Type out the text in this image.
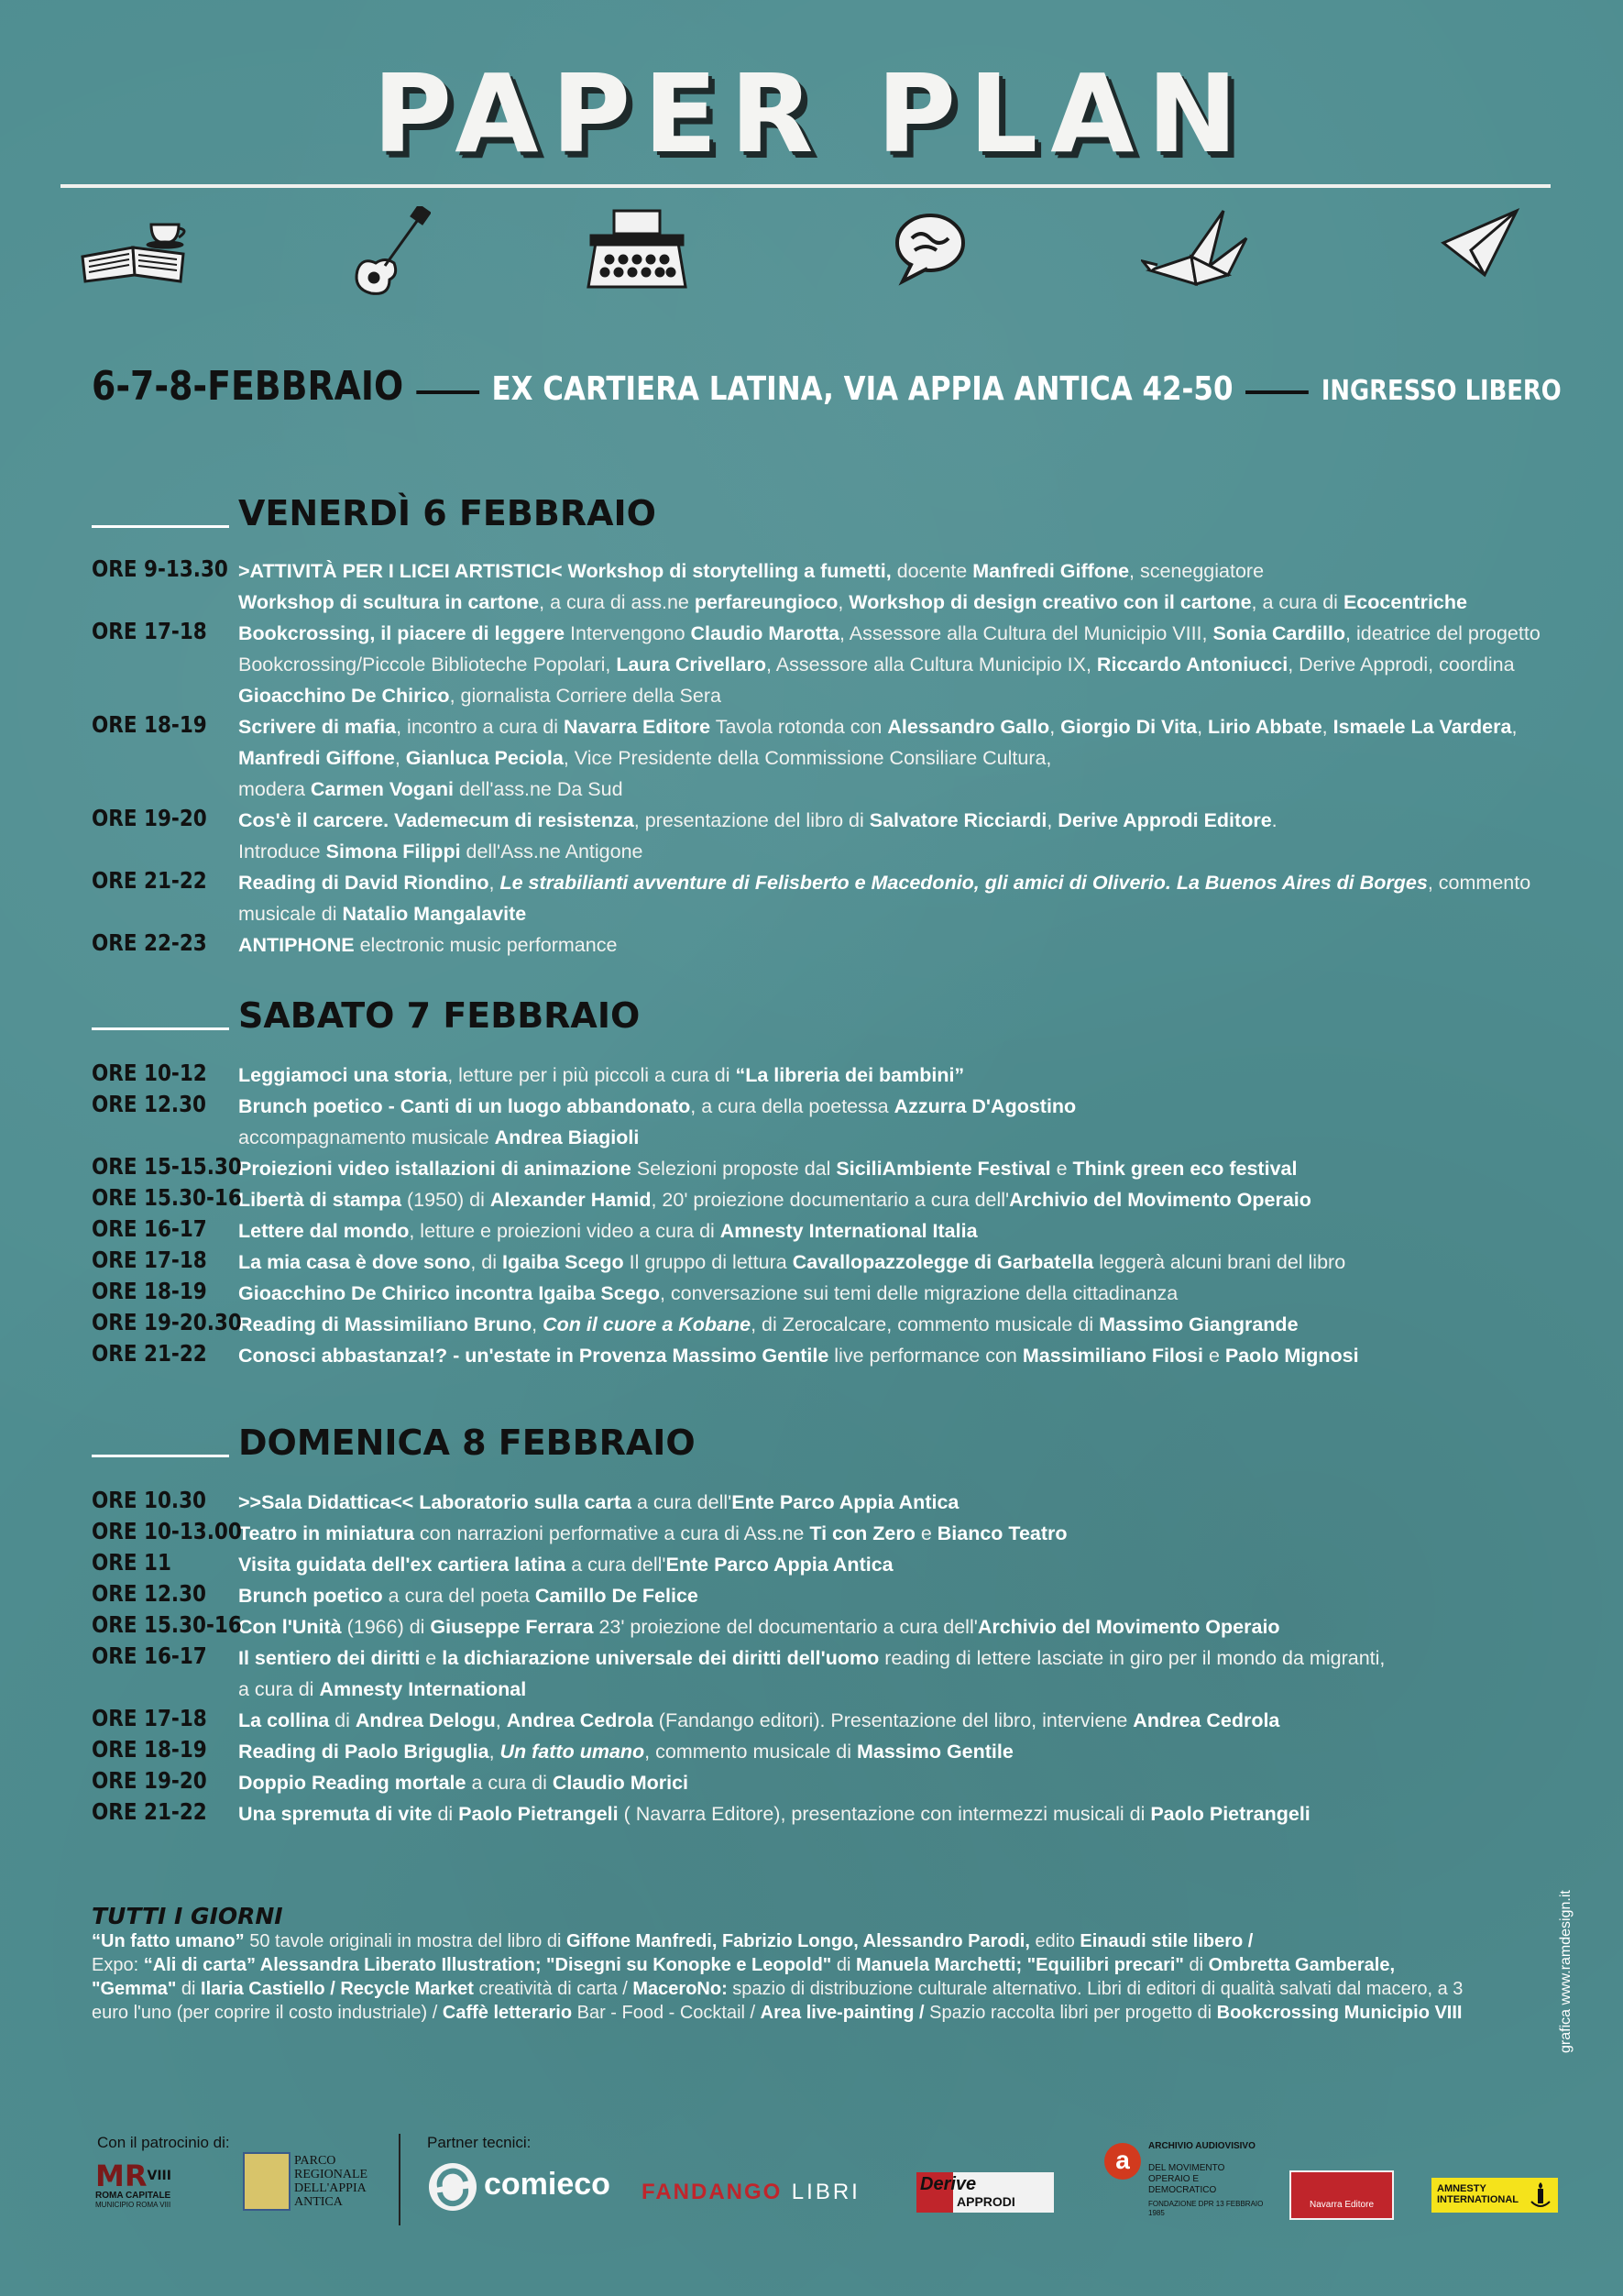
PAPER PLAN
6-7-8-FEBBRAIO	EX CARTIERA LATINA, VIA APPIA ANTICA 42-50	INGRESSO LIBERO
VENERDÌ 6 FEBBRAIO
ORE 9-13.30 >ATTIVITÀ PER I LICEI ARTISTICI< Workshop di storytelling a fumetti, docente Manfredi Giffone, sceneggiatore
Workshop di scultura in cartone, a cura di ass.ne perfareungioco, Workshop di design creativo con il cartone, a cura di Ecocentriche
ORE 17-18 Bookcrossing, il piacere di leggere Intervengono Claudio Marotta, Assessore alla Cultura del Municipio VIII, Sonia Cardillo, ideatrice del progetto Bookcrossing/Piccole Biblioteche Popolari, Laura Crivellaro, Assessore alla Cultura Municipio IX, Riccardo Antoniucci, Derive Approdi, coordina Gioacchino De Chirico, giornalista Corriere della Sera
ORE 18-19 Scrivere di mafia, incontro a cura di Navarra Editore Tavola rotonda con Alessandro Gallo, Giorgio Di Vita, Lirio Abbate, Ismaele La Vardera, Manfredi Giffone, Gianluca Peciola, Vice Presidente della Commissione Consiliare Cultura,
modera Carmen Vogani dell'ass.ne Da Sud
ORE 19-20 Cos'è il carcere. Vademecum di resistenza, presentazione del libro di Salvatore Ricciardi, Derive Approdi Editore.
Introduce Simona Filippi dell'Ass.ne Antigone
ORE 21-22 Reading di David Riondino, Le strabilianti avventure di Felisberto e Macedonio, gli amici di Oliverio. La Buenos Aires di Borges, commento musicale di Natalio Mangalavite
ORE 22-23 ANTIPHONE electronic music performance
SABATO 7 FEBBRAIO
ORE 10-12 Leggiamoci una storia, letture per i più piccoli a cura di “La libreria dei bambini”
ORE 12.30 Brunch poetico - Canti di un luogo abbandonato, a cura della poetessa Azzurra D'Agostino
accompagnamento musicale Andrea Biagioli
ORE 15-15.30
Proiezioni video istallazioni di animazione Selezioni proposte dal SiciliAmbiente Festival e Think green eco festival
ORE 15.30-16
Libertà di stampa (1950) di Alexander Hamid, 20' proiezione documentario a cura dell'Archivio del Movimento Operaio
ORE 16-17 Lettere dal mondo, letture e proiezioni video a cura di Amnesty International Italia
ORE 17-18 La mia casa è dove sono, di Igaiba Scego Il gruppo di lettura Cavallopazzolegge di Garbatella leggerà alcuni brani del libro
ORE 18-19 Gioacchino De Chirico incontra Igaiba Scego, conversazione sui temi delle migrazione della cittadinanza
ORE 19-20.30
Reading di Massimiliano Bruno, Con il cuore a Kobane, di Zerocalcare, commento musicale di Massimo Giangrande
ORE 21-22 Conosci abbastanza!? - un'estate in Provenza Massimo Gentile live performance con Massimiliano Filosi e Paolo Mignosi
DOMENICA 8 FEBBRAIO
ORE 10.30 >>Sala Didattica<< Laboratorio sulla carta a cura dell'Ente Parco Appia Antica
ORE 10-13.00
Teatro in miniatura con narrazioni performative a cura di Ass.ne Ti con Zero e Bianco Teatro
ORE 11	Visita guidata dell'ex cartiera latina a cura dell'Ente Parco Appia Antica
ORE 12.30 Brunch poetico a cura del poeta Camillo De Felice
ORE 15.30-16
Con l'Unità (1966) di Giuseppe Ferrara 23' proiezione del documentario a cura dell'Archivio del Movimento Operaio
ORE 16-17 Il sentiero dei diritti e la dichiarazione universale dei diritti dell'uomo reading di lettere lasciate in giro per il mondo da migranti,
a cura di Amnesty International
ORE 17-18 La collina di Andrea Delogu, Andrea Cedrola (Fandango editori). Presentazione del libro, interviene Andrea Cedrola
ORE 18-19 Reading di Paolo Briguglia, Un fatto umano, commento musicale di Massimo Gentile
ORE 19-20 Doppio Reading mortale a cura di Claudio Morici
ORE 21-22 Una spremuta di vite di Paolo Pietrangeli ( Navarra Editore), presentazione con intermezzi musicali di Paolo Pietrangeli
TUTTI I GIORNI
“Un fatto umano” 50 tavole originali in mostra del libro di Giffone Manfredi, Fabrizio Longo, Alessandro Parodi, edito Einaudi stile libero /
Expo: “Ali di carta” Alessandra Liberato Illustration; "Disegni su Konopke e Leopold" di Manuela Marchetti; "Equilibri precari" di Ombretta Gamberale, "Gemma" di Ilaria Castiello / Recycle Market creatività di carta / MaceroNo: spazio di distribuzione culturale alternativo. Libri di editori di qualità salvati dal macero, a 3 euro l'uno (per coprire il costo industriale) / Caffè letterario Bar - Food - Cocktail / Area live-painting / Spazio raccolta libri per progetto di Bookcrossing Municipio VIII	grafica www.ramdesign.it
Con il patrocinio di:	Partner tecnici:
$MR^{VIII}$
ROMA CAPITALE
MUNICIPIO ROMA VIII
PARCO REGIONALE DELL'APPIA ANTICA
comieco FANDANGO LIBRI	Derive
APPRODI
a	ARCHIVIO AUDIOVISIVO
DEL MOVIMENTO OPERAIO E DEMOCRATICO
FONDAZIONE DPR 13 FEBBRAIO 1985
Navarra Editore
AMNESTY INTERNATIONAL
